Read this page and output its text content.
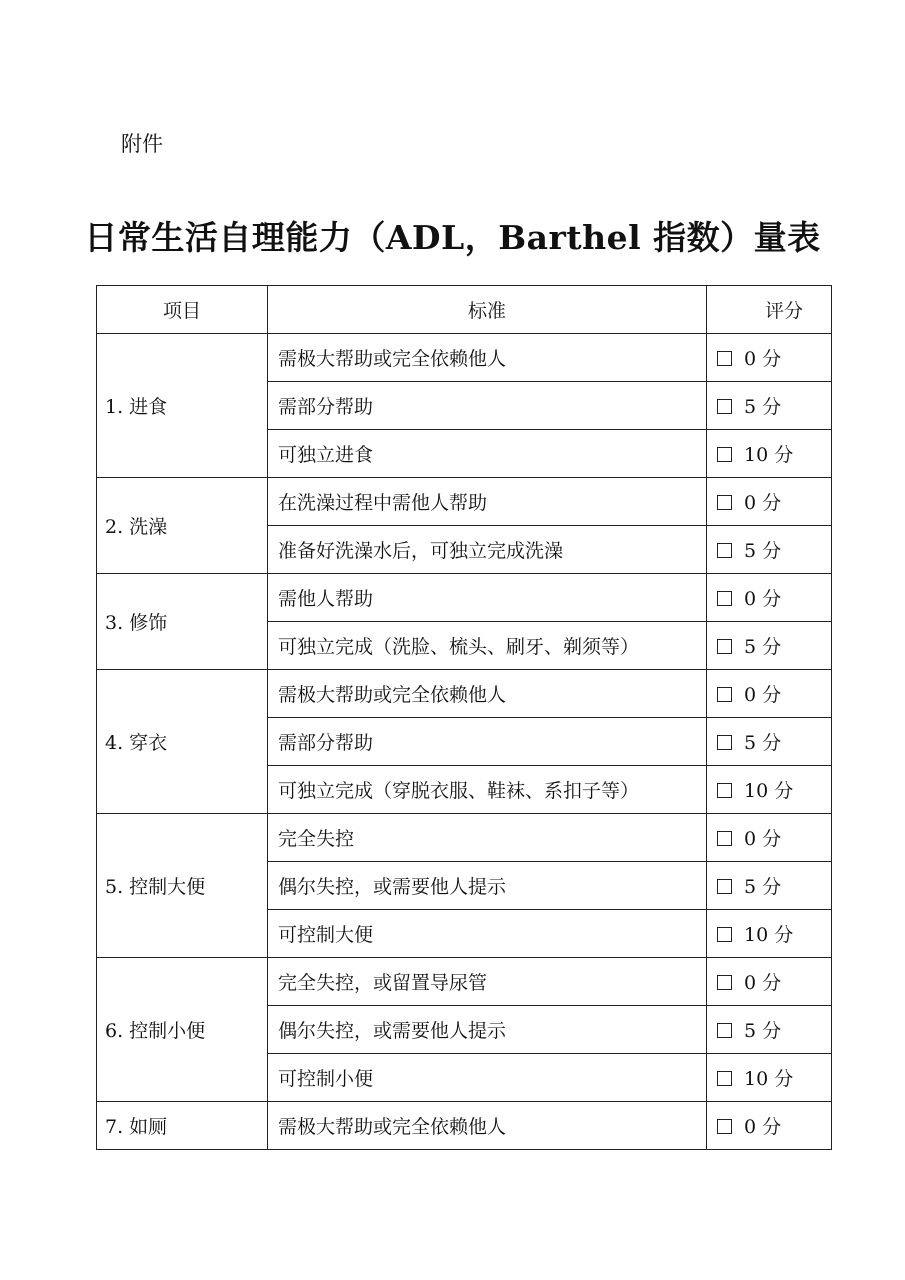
附件
日常生活自理能力（ADL，Barthel 指数）量表
项目	标准	评分
1. 进食	需极大帮助或完全依赖他人	0 分
	需部分帮助	5 分
	可独立进食	10 分
2. 洗澡	在洗澡过程中需他人帮助	0 分
	准备好洗澡水后，可独立完成洗澡	5 分
3. 修饰	需他人帮助	0 分
	可独立完成（洗脸、梳头、刷牙、剃须等）	5 分
4. 穿衣	需极大帮助或完全依赖他人	0 分
	需部分帮助	5 分
	可独立完成（穿脱衣服、鞋袜、系扣子等）	10 分
5. 控制大便	完全失控	0 分
	偶尔失控，或需要他人提示	5 分
	可控制大便	10 分
6. 控制小便	完全失控，或留置导尿管	0 分
	偶尔失控，或需要他人提示	5 分
	可控制小便	10 分
7. 如厕	需极大帮助或完全依赖他人	0 分
